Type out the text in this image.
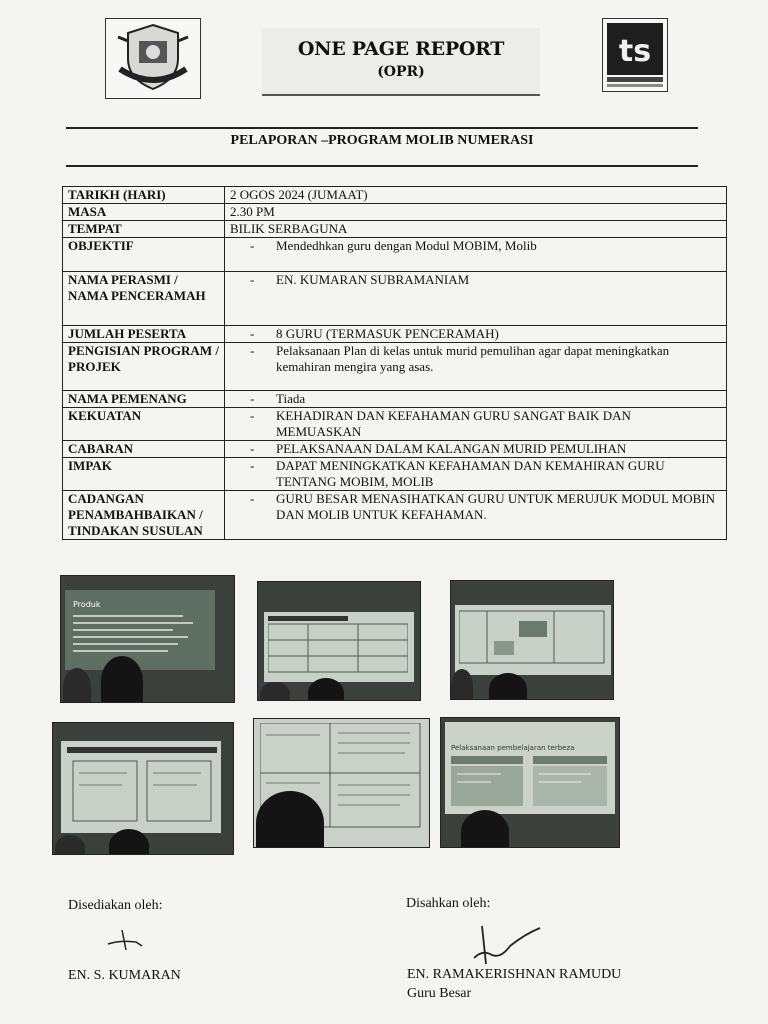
ONE PAGE REPORT
(OPR)
ts
PELAPORAN –PROGRAM MOLIB NUMERASI
TARIKH (HARI)	2 OGOS 2024 (JUMAAT)
MASA	2.30 PM
TEMPAT	BILIK SERBAGUNA
OBJEKTIF	- Mendedhkan guru dengan Modul MOBIM, Molib
NAMA PERASMI / NAMA PENCERAMAH	- EN. KUMARAN SUBRAMANIAM
JUMLAH PESERTA	- 8 GURU (TERMASUK PENCERAMAH)
PENGISIAN PROGRAM / PROJEK	- Pelaksanaan Plan di kelas untuk murid pemulihan agar dapat meningkatkan kemahiran mengira yang asas.
NAMA PEMENANG	- Tiada
KEKUATAN	- KEHADIRAN DAN KEFAHAMAN GURU SANGAT BAIK DAN MEMUASKAN
CABARAN	- PELAKSANAAN DALAM KALANGAN MURID PEMULIHAN
IMPAK	- DAPAT MENINGKATKAN KEFAHAMAN DAN KEMAHIRAN GURU TENTANG MOBIM, MOLIB
CADANGAN PENAMBAHBAIKAN / TINDAKAN SUSULAN	- GURU BESAR MENASIHATKAN GURU UNTUK MERUJUK MODUL MOBIN DAN MOLIB UNTUK KEFAHAMAN.
Produk
Pelaksanaan pembelajaran terbeza
Disediakan oleh:
EN. S. KUMARAN
Disahkan oleh:
EN. RAMAKERISHNAN RAMUDU
Guru Besar
